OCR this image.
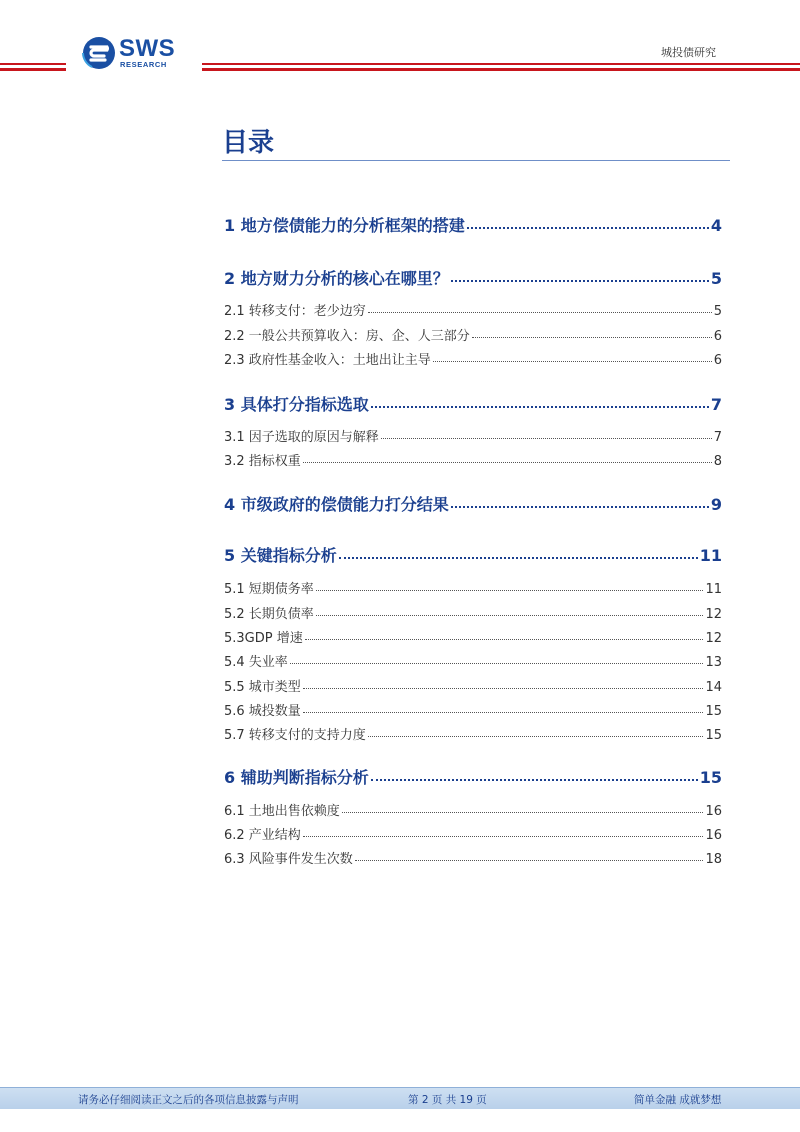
SWS
RESEARCH
城投债研究
目录
1 地方偿债能力的分析框架的搭建	4
2 地方财力分析的核心在哪里？	5
2.1 转移支付：老少边穷	5
2.2 一般公共预算收入：房、企、人三部分	6
2.3 政府性基金收入：土地出让主导	6
3 具体打分指标选取	7
3.1 因子选取的原因与解释	7
3.2 指标权重	8
4 市级政府的偿债能力打分结果	9
5 关键指标分析	11
5.1 短期债务率	11
5.2 长期负债率	12
5.3GDP 增速	12
5.4 失业率	13
5.5 城市类型	14
5.6 城投数量	15
5.7 转移支付的支持力度	15
6 辅助判断指标分析	15
6.1 土地出售依赖度	16
6.2 产业结构	16
6.3 风险事件发生次数	18
请务必仔细阅读正文之后的各项信息披露与声明	第 2 页 共 19 页	简单金融 成就梦想
